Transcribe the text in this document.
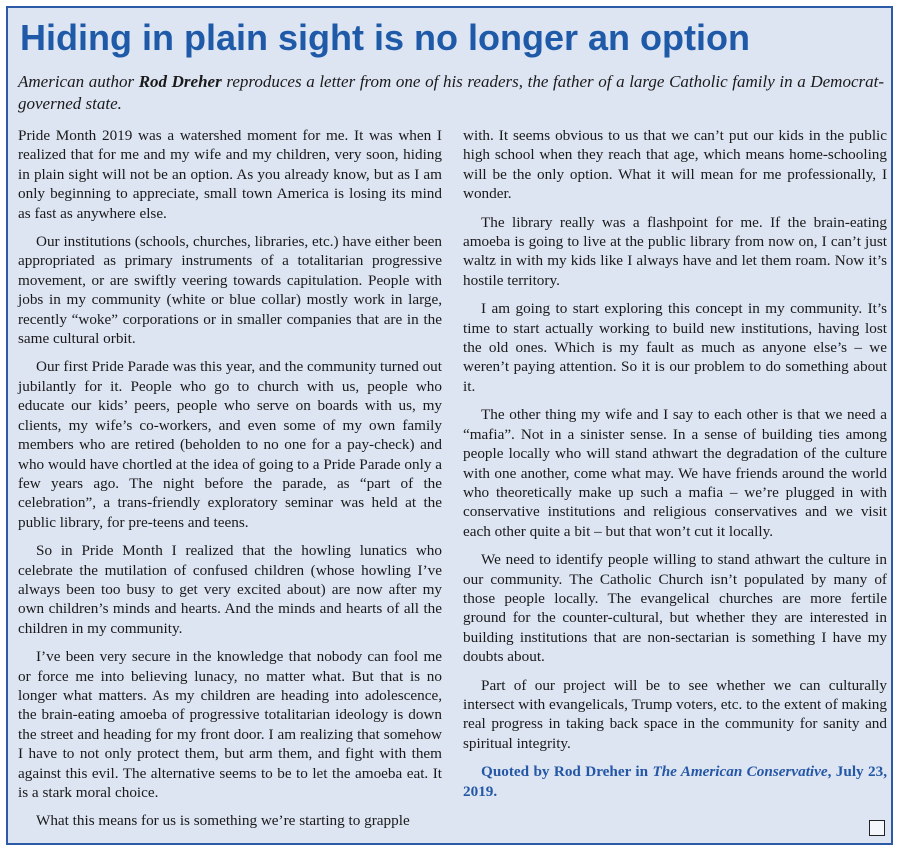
Hiding in plain sight is no longer an option

American author Rod Dreher reproduces a letter from one of his readers, the father of a large Catholic family in a Democrat-governed state.

Pride Month 2019 was a watershed moment for me. It was when I realized that for me and my wife and my children, very soon, hiding in plain sight will not be an option. As you already know, but as I am only beginning to appreciate, small town America is losing its mind as fast as anywhere else.

Our institutions (schools, churches, libraries, etc.) have either been appropriated as primary instruments of a totalitarian progressive movement, or are swiftly veering towards capitulation. People with jobs in my community (white or blue collar) mostly work in large, recently “woke” corporations or in smaller companies that are in the same cultural orbit.

Our first Pride Parade was this year, and the community turned out jubilantly for it. People who go to church with us, people who educate our kids’ peers, people who serve on boards with us, my clients, my wife’s co-workers, and even some of my own family members who are retired (beholden to no one for a pay-check) and who would have chortled at the idea of going to a Pride Parade only a few years ago. The night before the parade, as “part of the celebration”, a trans-friendly exploratory seminar was held at the public library, for pre-teens and teens.

So in Pride Month I realized that the howling lunatics who celebrate the mutilation of confused children (whose howling I’ve always been too busy to get very excited about) are now after my own children’s minds and hearts. And the minds and hearts of all the children in my community.

I’ve been very secure in the knowledge that nobody can fool me or force me into believing lunacy, no matter what. But that is no longer what matters. As my children are heading into adolescence, the brain-eating amoeba of progressive totalitarian ideology is down the street and heading for my front door. I am realizing that somehow I have to not only protect them, but arm them, and fight with them against this evil. The alternative seems to be to let the amoeba eat. It is a stark moral choice.

What this means for us is something we’re starting to grapple

with. It seems obvious to us that we can’t put our kids in the public high school when they reach that age, which means home-schooling will be the only option. What it will mean for me professionally, I wonder.

The library really was a flashpoint for me. If the brain-eating amoeba is going to live at the public library from now on, I can’t just waltz in with my kids like I always have and let them roam. Now it’s hostile territory.

I am going to start exploring this concept in my community. It’s time to start actually working to build new institutions, having lost the old ones. Which is my fault as much as anyone else’s – we weren’t paying attention. So it is our problem to do something about it.

The other thing my wife and I say to each other is that we need a “mafia”. Not in a sinister sense. In a sense of building ties among people locally who will stand athwart the degradation of the culture with one another, come what may. We have friends around the world who theoretically make up such a mafia – we’re plugged in with conservative institutions and religious conservatives and we visit each other quite a bit – but that won’t cut it locally.

We need to identify people willing to stand athwart the culture in our community. The Catholic Church isn’t populated by many of those people locally. The evangelical churches are more fertile ground for the counter-cultural, but whether they are interested in building institutions that are non-sectarian is something I have my doubts about.

Part of our project will be to see whether we can culturally intersect with evangelicals, Trump voters, etc. to the extent of making real progress in taking back space in the community for sanity and spiritual integrity.

Quoted by Rod Dreher in The American Conservative, July 23, 2019.
